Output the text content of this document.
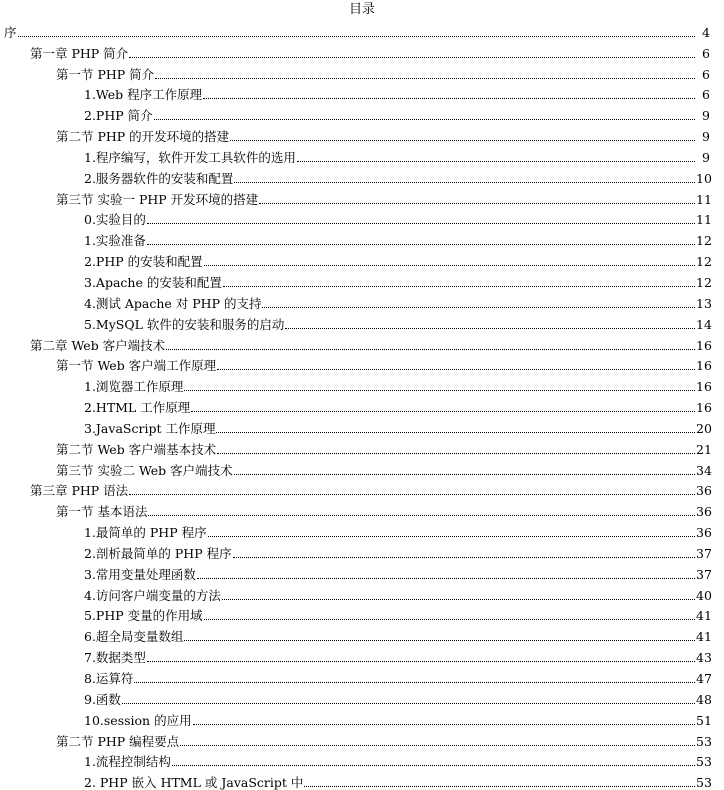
目录
序	4
第一章 PHP 简介	6
第一节 PHP 简介	6
1.Web 程序工作原理	6
2.PHP 简介	9
第二节 PHP 的开发环境的搭建	9
1.程序编写，软件开发工具软件的选用	9
2.服务器软件的安装和配置	10
第三节 实验一 PHP 开发环境的搭建	11
0.实验目的	11
1.实验准备	12
2.PHP 的安装和配置	12
3.Apache 的安装和配置	12
4.测试 Apache 对 PHP 的支持	13
5.MySQL 软件的安装和服务的启动	14
第二章 Web 客户端技术	16
第一节 Web 客户端工作原理	16
1.浏览器工作原理	16
2.HTML 工作原理	16
3.JavaScript 工作原理	20
第二节 Web 客户端基本技术	21
第三节 实验二 Web 客户端技术	34
第三章 PHP 语法	36
第一节 基本语法	36
1.最简单的 PHP 程序	36
2.剖析最简单的 PHP 程序	37
3.常用变量处理函数	37
4.访问客户端变量的方法	40
5.PHP 变量的作用域	41
6.超全局变量数组	41
7.数据类型	43
8.运算符	47
9.函数	48
10.session 的应用	51
第二节 PHP 编程要点	53
1.流程控制结构	53
2. PHP 嵌入 HTML 或 JavaScript 中	53
